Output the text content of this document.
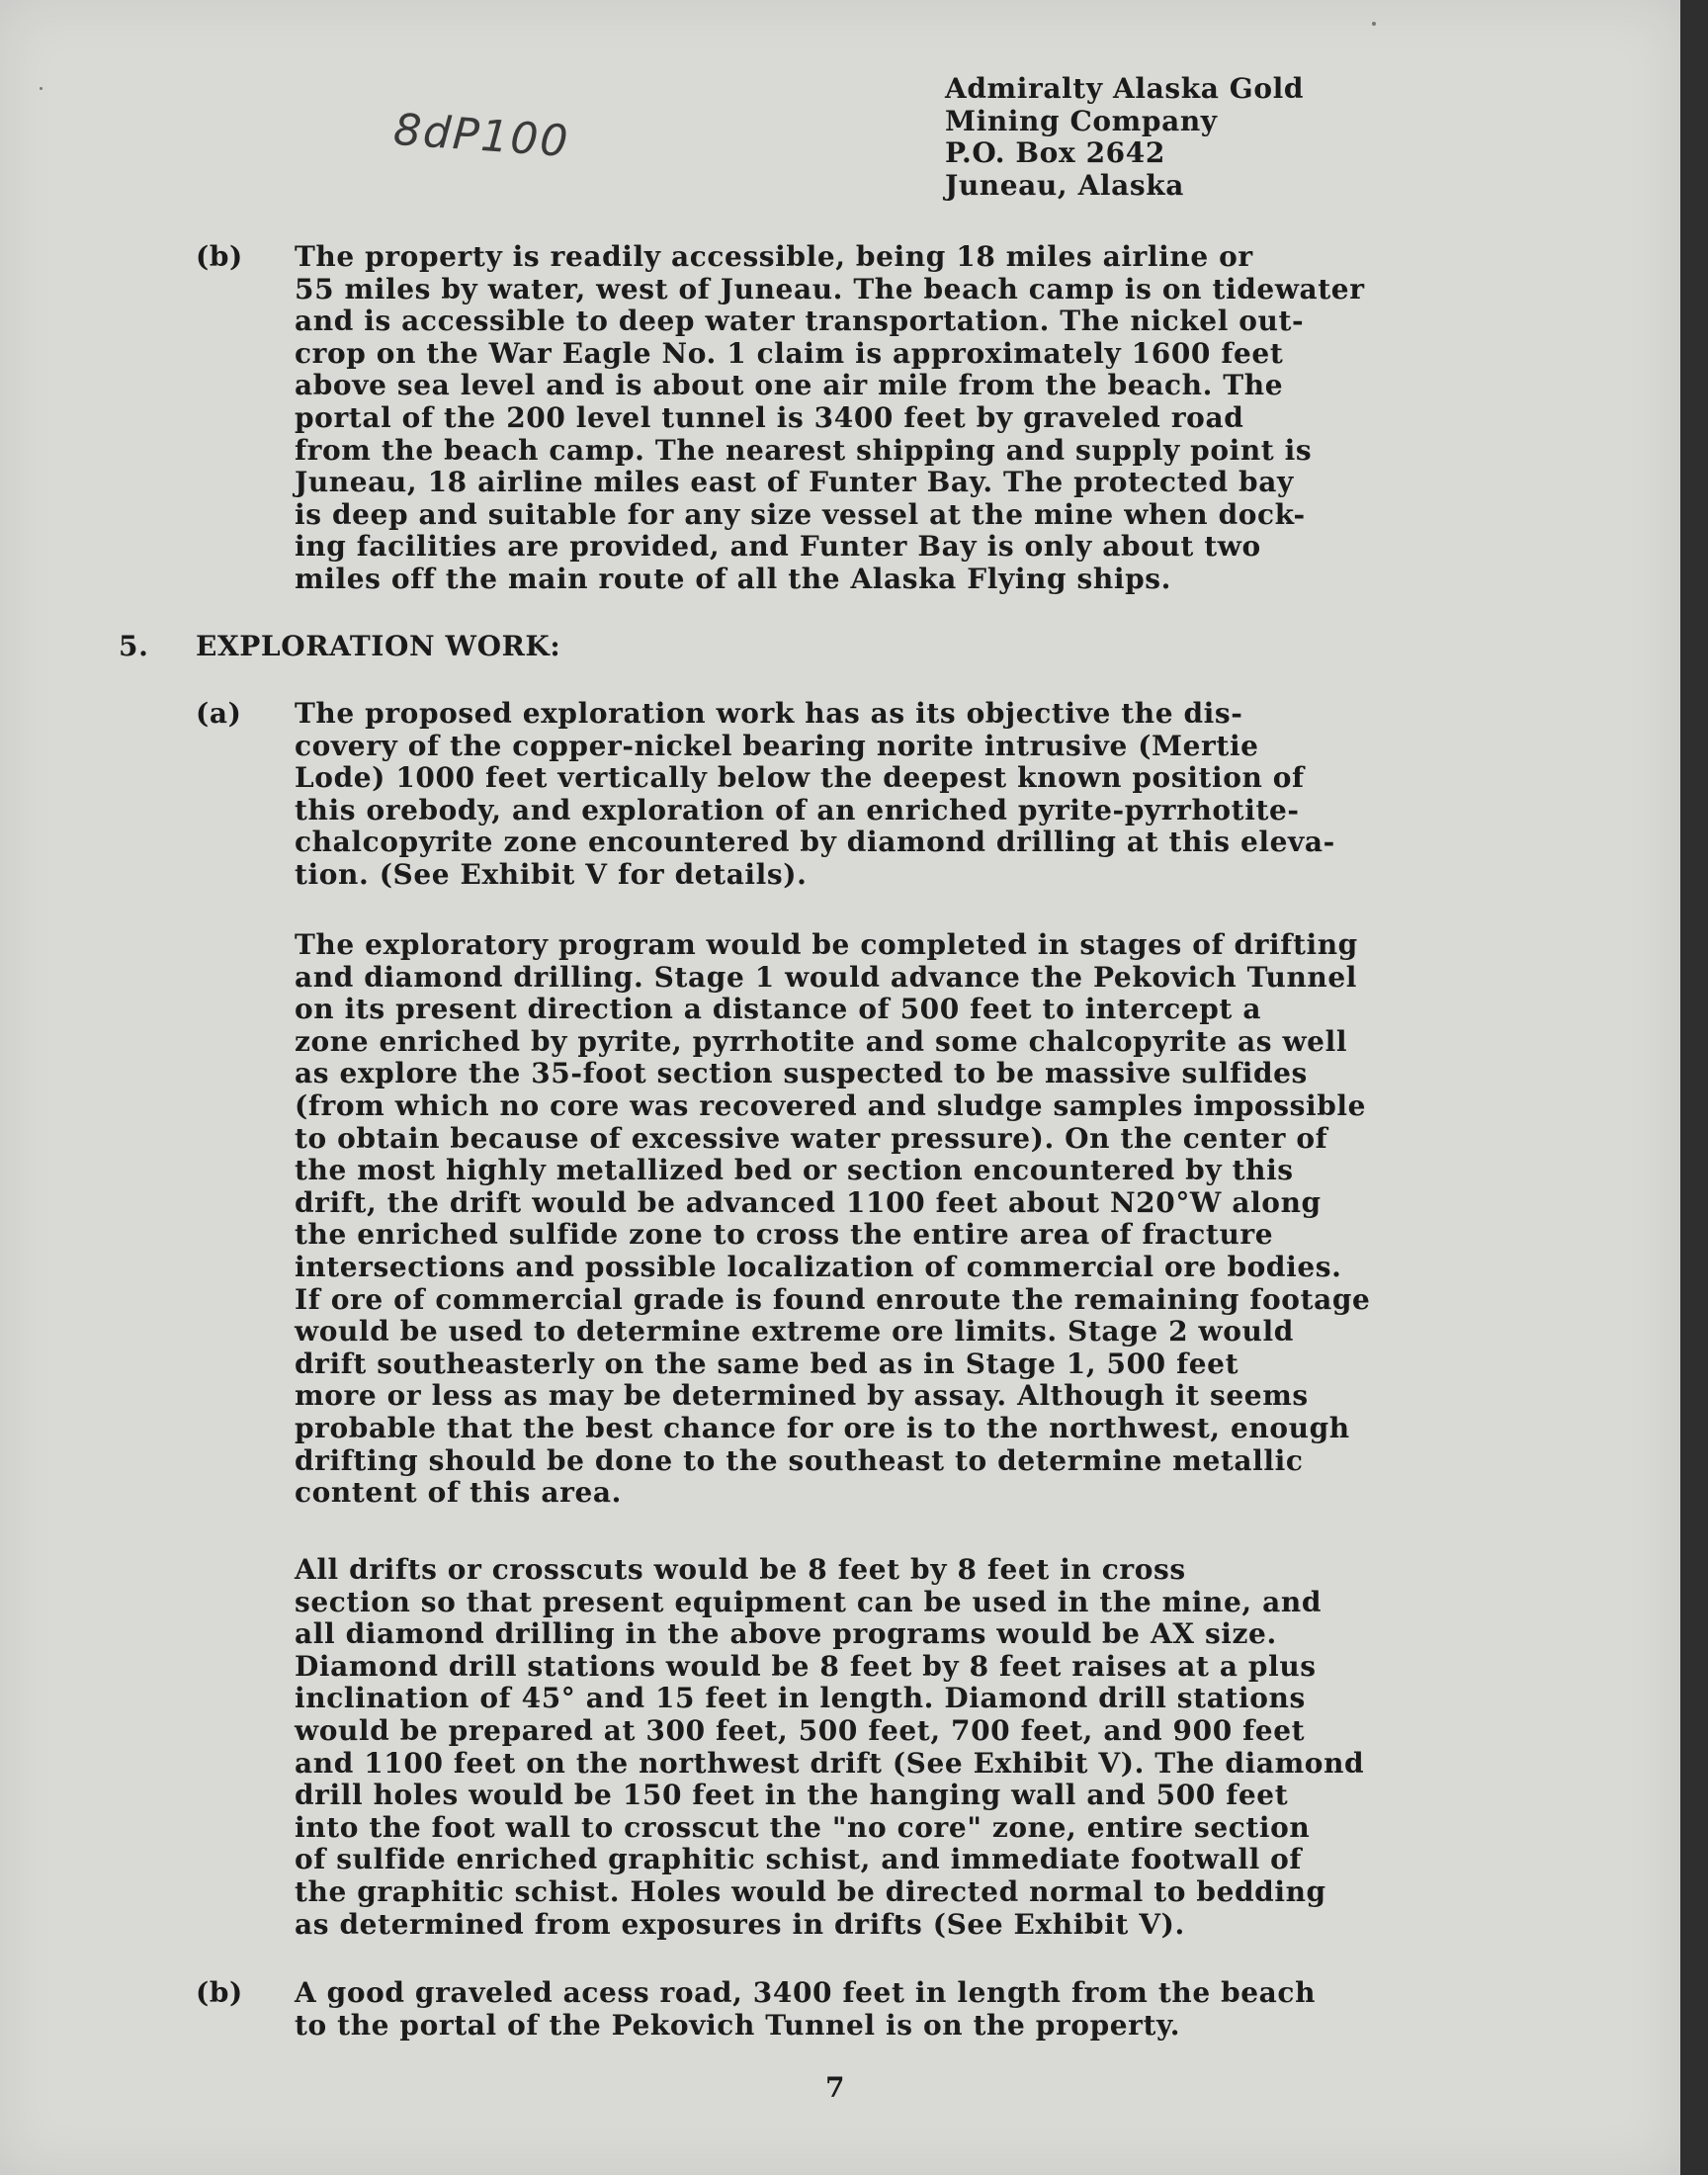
8dP100
Admiralty Alaska Gold
Mining Company
P.O. Box 2642
Juneau, Alaska
(b) The property is readily accessible, being 18 miles airline or
55 miles by water, west of Juneau. The beach camp is on tidewater
and is accessible to deep water transportation. The nickel out-
crop on the War Eagle No. 1 claim is approximately 1600 feet
above sea level and is about one air mile from the beach. The
portal of the 200 level tunnel is 3400 feet by graveled road
from the beach camp. The nearest shipping and supply point is
Juneau, 18 airline miles east of Funter Bay. The protected bay
is deep and suitable for any size vessel at the mine when dock-
ing facilities are provided, and Funter Bay is only about two
miles off the main route of all the Alaska Flying ships.
5. EXPLORATION WORK:
(a) The proposed exploration work has as its objective the dis-
covery of the copper-nickel bearing norite intrusive (Mertie
Lode) 1000 feet vertically below the deepest known position of
this orebody, and exploration of an enriched pyrite-pyrrhotite-
chalcopyrite zone encountered by diamond drilling at this eleva-
tion. (See Exhibit V for details).
The exploratory program would be completed in stages of drifting
and diamond drilling. Stage 1 would advance the Pekovich Tunnel
on its present direction a distance of 500 feet to intercept a
zone enriched by pyrite, pyrrhotite and some chalcopyrite as well
as explore the 35-foot section suspected to be massive sulfides
(from which no core was recovered and sludge samples impossible
to obtain because of excessive water pressure). On the center of
the most highly metallized bed or section encountered by this
drift, the drift would be advanced 1100 feet about N20°W along
the enriched sulfide zone to cross the entire area of fracture
intersections and possible localization of commercial ore bodies.
If ore of commercial grade is found enroute the remaining footage
would be used to determine extreme ore limits. Stage 2 would
drift southeasterly on the same bed as in Stage 1, 500 feet
more or less as may be determined by assay. Although it seems
probable that the best chance for ore is to the northwest, enough
drifting should be done to the southeast to determine metallic
content of this area.
All drifts or crosscuts would be 8 feet by 8 feet in cross
section so that present equipment can be used in the mine, and
all diamond drilling in the above programs would be AX size.
Diamond drill stations would be 8 feet by 8 feet raises at a plus
inclination of 45° and 15 feet in length. Diamond drill stations
would be prepared at 300 feet, 500 feet, 700 feet, and 900 feet
and 1100 feet on the northwest drift (See Exhibit V). The diamond
drill holes would be 150 feet in the hanging wall and 500 feet
into the foot wall to crosscut the "no core" zone, entire section
of sulfide enriched graphitic schist, and immediate footwall of
the graphitic schist. Holes would be directed normal to bedding
as determined from exposures in drifts (See Exhibit V).
(b) A good graveled acess road, 3400 feet in length from the beach
to the portal of the Pekovich Tunnel is on the property.
7
